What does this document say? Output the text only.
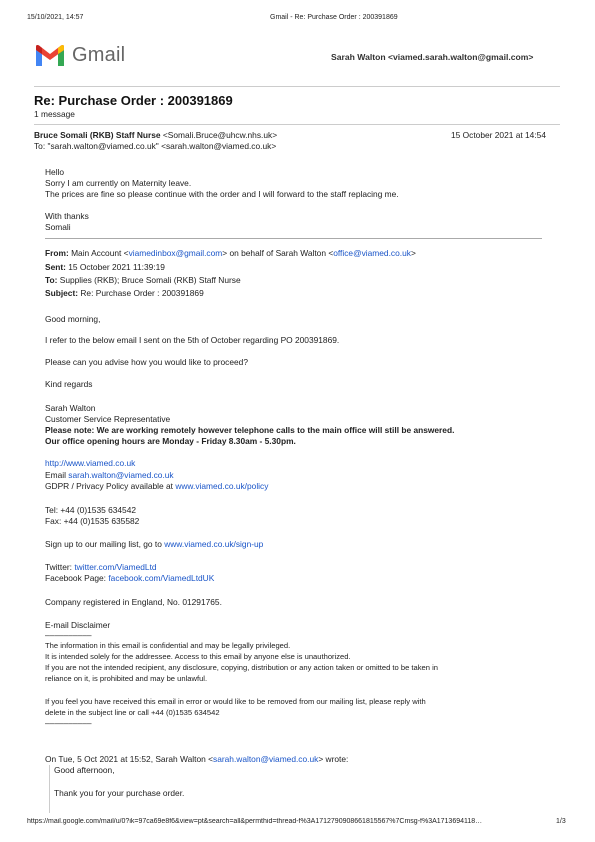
15/10/2021, 14:57	Gmail - Re: Purchase Order : 200391869
Gmail	Sarah Walton <viamed.sarah.walton@gmail.com>
Re: Purchase Order : 200391869
1 message
Bruce Somali (RKB) Staff Nurse <Somali.Bruce@uhcw.nhs.uk>	15 October 2021 at 14:54
To: "sarah.walton@viamed.co.uk" <sarah.walton@viamed.co.uk>
Hello
Sorry I am currently on Maternity leave.
The prices are fine so please continue with the order and I will forward to the staff replacing me.
With thanks
Somali
From: Main Account <viamedinbox@gmail.com> on behalf of Sarah Walton <office@viamed.co.uk>
Sent: 15 October 2021 11:39:19
To: Supplies (RKB); Bruce Somali (RKB) Staff Nurse
Subject: Re: Purchase Order : 200391869
Good morning,
I refer to the below email I sent on the 5th of October regarding PO 200391869.
Please can you advise how you would like to proceed?
Kind regards
Sarah Walton
Customer Service Representative
Please note: We are working remotely however telephone calls to the main office will still be answered.
Our office opening hours are Monday - Friday 8.30am - 5.30pm.
http://www.viamed.co.uk
Email sarah.walton@viamed.co.uk
GDPR / Privacy Policy available at www.viamed.co.uk/policy
Tel: +44 (0)1535 634542
Fax: +44 (0)1535 635582
Sign up to our mailing list, go to www.viamed.co.uk/sign-up
Twitter: twitter.com/ViamedLtd
Facebook Page: facebook.com/ViamedLtdUK
Company registered in England, No. 01291765.
E-mail Disclaimer
––––––––––
The information in this email is confidential and may be legally privileged.
It is intended solely for the addressee. Access to this email by anyone else is unauthorized.
If you are not the intended recipient, any disclosure, copying, distribution or any action taken or omitted to be taken in
reliance on it, is prohibited and may be unlawful.
If you feel you have received this email in error or would like to be removed from our mailing list, please reply with
delete in the subject line or call +44 (0)1535 634542
––––––––––
On Tue, 5 Oct 2021 at 15:52, Sarah Walton <sarah.walton@viamed.co.uk> wrote:
Good afternoon,
Thank you for your purchase order.
https://mail.google.com/mail/u/0?ik=97ca69e8f6&view=pt&search=all&permthid=thread-f%3A1712790908661815567%7Cmsg-f%3A17136941​18…	1/3
